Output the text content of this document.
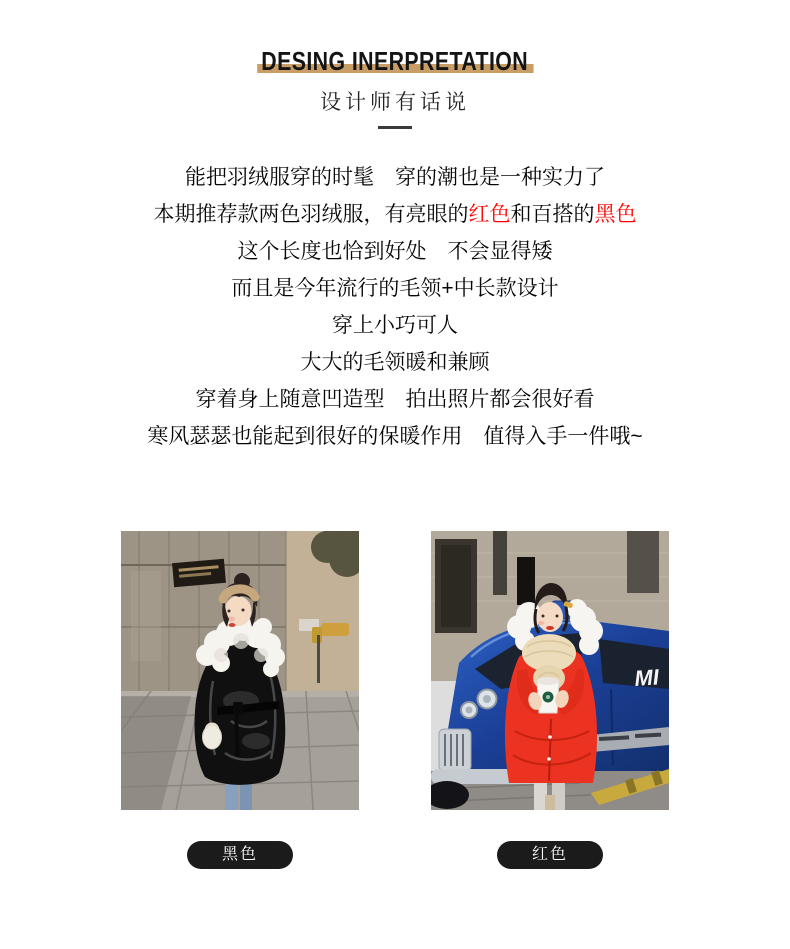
DESING INERPRETATION
设计师有话说
能把羽绒服穿的时髦　穿的潮也是一种实力了
本期推荐款两色羽绒服，有亮眼的红色和百搭的黑色
这个长度也恰到好处　不会显得矮
而且是今年流行的毛领+中长款设计
穿上小巧可人
大大的毛领暖和兼顾
穿着身上随意凹造型　拍出照片都会很好看
寒风瑟瑟也能起到很好的保暖作用　值得入手一件哦~
黑色
MI
红色
